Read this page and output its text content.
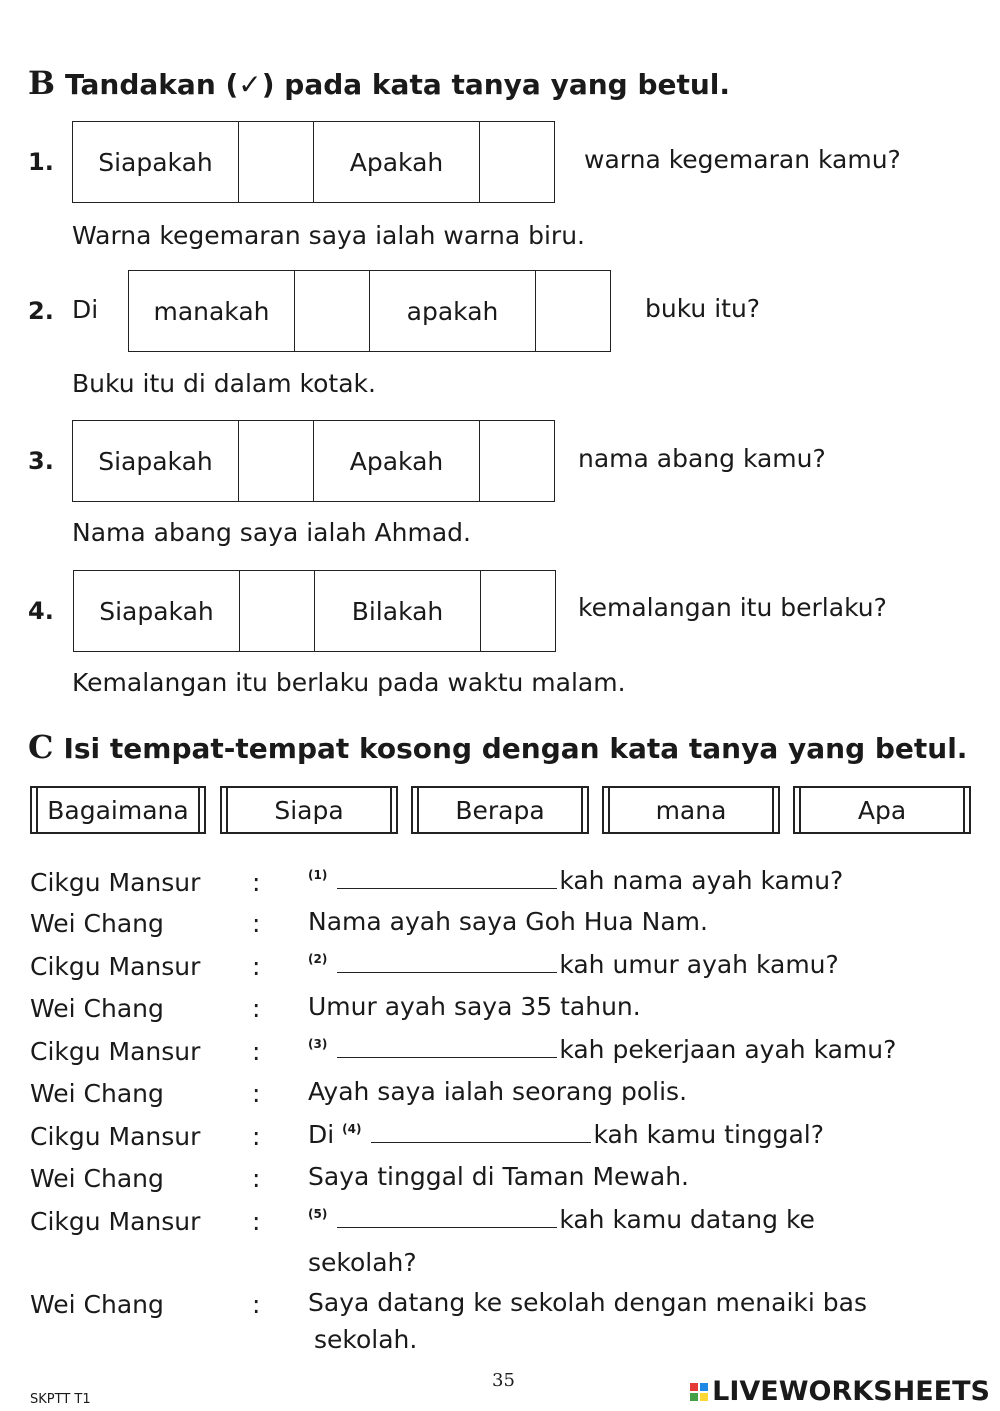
B Tandakan (✓) pada kata tanya yang betul.
1.	Siapakah	Apakah	warna kegemaran kamu?
Warna kegemaran saya ialah warna biru.
2. Di	manakah	apakah	buku itu?
Buku itu di dalam kotak.
3.	Siapakah	Apakah	nama abang kamu?
Nama abang saya ialah Ahmad.
4.	Siapakah	Bilakah	kemalangan itu berlaku?
Kemalangan itu berlaku pada waktu malam.
C Isi tempat-tempat kosong dengan kata tanya yang betul.
Bagaimana	Siapa	Berapa	mana	Apa
Cikgu Mansur :	$^{(1)}$	kah nama ayah kamu?
Wei Chang	: Nama ayah saya Goh Hua Nam.
Cikgu Mansur :	$^{(2)}$	kah umur ayah kamu?
Wei Chang	: Umur ayah saya 35 tahun.
Cikgu Mansur :	$^{(3)}$	kah pekerjaan ayah kamu?
Wei Chang	: Ayah saya ialah seorang polis.
Cikgu Mansur : Di $^{(4)}$	kah kamu tinggal?
Wei Chang	: Saya tinggal di Taman Mewah.
Cikgu Mansur :	$^{(5)}$	kah kamu datang ke
sekolah?
Wei Chang	: Saya datang ke sekolah dengan menaiki bas
sekolah.
SKPTT T1
35	LIVEWORKSHEETS
